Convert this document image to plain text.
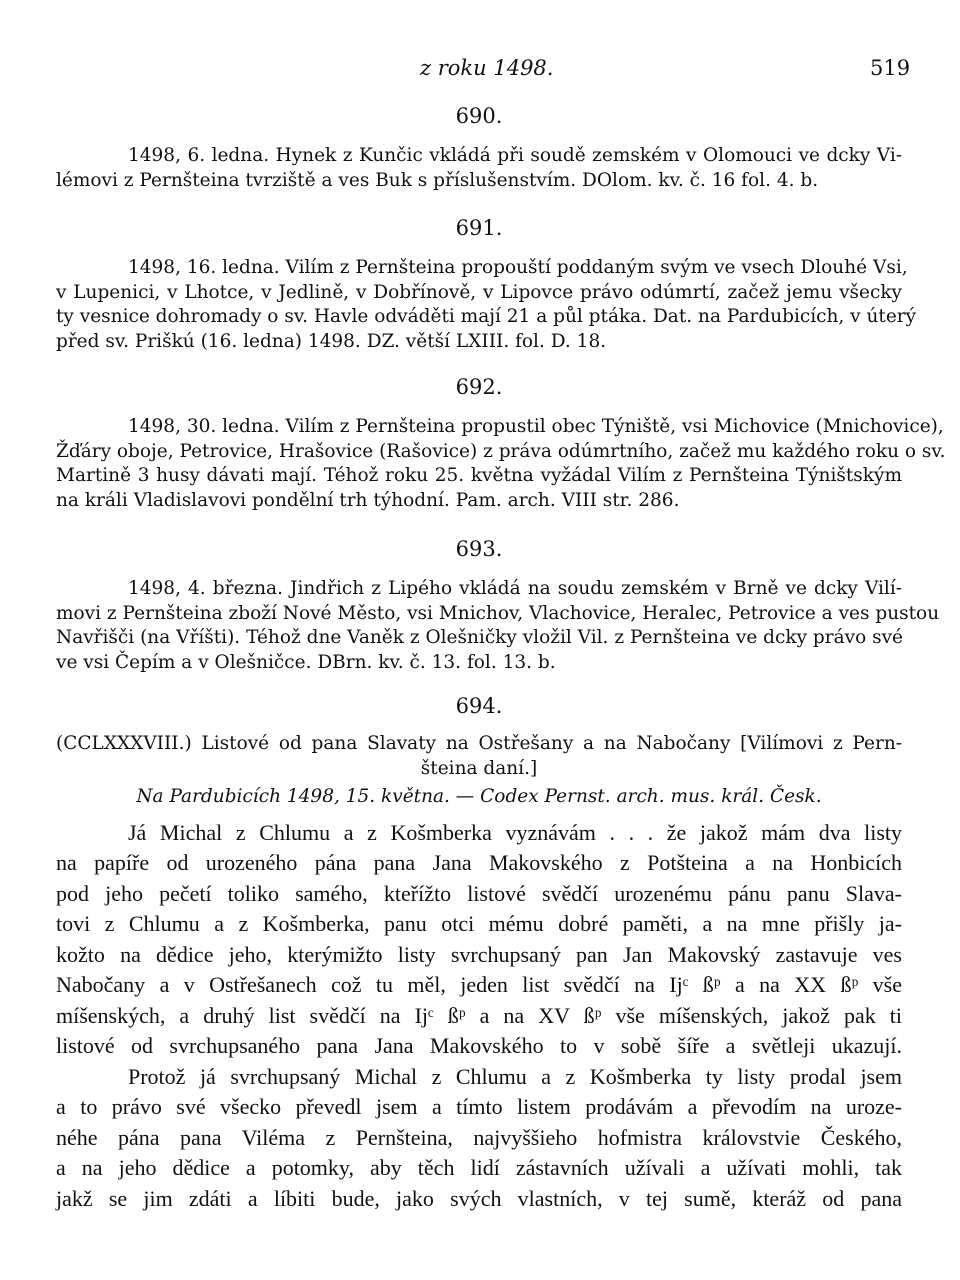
z roku 1498.	519
690.
1498, 6. ledna. Hynek z Kunčic vkládá při soudě zemském v Olomouci ve dcky Vi-
lémovi z Pernšteina tvrziště a ves Buk s příslušenstvím. DOlom. kv. č. 16 fol. 4. b.
691.
1498, 16. ledna. Vilím z Pernšteina propouští poddaným svým ve vsech Dlouhé Vsi,
v Lupenici, v Lhotce, v Jedlině, v Dobřínově, v Lipovce právo odúmrtí, začež jemu všecky
ty vesnice dohromady o sv. Havle odváděti mají 21 a půl ptáka. Dat. na Pardubicích, v úterý
před sv. Priškú (16. ledna) 1498. DZ. větší LXIII. fol. D. 18.
692.
1498, 30. ledna. Vilím z Pernšteina propustil obec Týniště, vsi Michovice (Mnichovice),
Žďáry oboje, Petrovice, Hrašovice (Rašovice) z práva odúmrtního, začež mu každého roku o sv.
Martině 3 husy dávati mají. Téhož roku 25. května vyžádal Vilím z Pernšteina Týništským
na králi Vladislavovi pondělní trh týhodní. Pam. arch. VIII str. 286.
693.
1498, 4. března. Jindřich z Lipého vkládá na soudu zemském v Brně ve dcky Vilí-
movi z Pernšteina zboží Nové Město, vsi Mnichov, Vlachovice, Heralec, Petrovice a ves pustou
Navřišči (na Vříšti). Téhož dne Vaněk z Olešničky vložil Vil. z Pernšteina ve dcky právo své
ve vsi Čepím a v Olešničce. DBrn. kv. č. 13. fol. 13. b.
694.
(CCLXXXVIII.) Listové od pana Slavaty na Ostřešany a na Nabočany [Vilímovi z Pern-
šteina daní.]
Na Pardubicích 1498, 15. května. — Codex Pernst. arch. mus. král. Česk.
Já Michal z Chlumu a z Košmberka vyznávám . . . že jakož mám dva listy
na papíře od urozeného pána pana Jana Makovského z Potšteina a na Honbicích
pod jeho pečetí toliko samého, kteřížto listové svědčí urozenému pánu panu Slava-
tovi z Chlumu a z Košmberka, panu otci mému dobré paměti, a na mne přišly ja-
kožto na dědice jeho, kterýmižto listy svrchupsaný pan Jan Makovský zastavuje ves
Nabočany a v Ostřešanech což tu měl, jeden list svědčí na Ij͏ᶜ ßᵖ a na XX ßᵖ vše
míšenských, a druhý list svědčí na Ij͏ᶜ ßᵖ a na XV ßᵖ vše míšenských, jakož pak ti
listové od svrchupsaného pana Jana Makovského to v sobě šíře a světleji ukazují.
Protož já svrchupsaný Michal z Chlumu a z Košmberka ty listy prodal jsem
a to právo své všecko převedl jsem a tímto listem prodávám a převodím na uroze-
néhe pána pana Viléma z Pernšteina, najvyššieho hofmistra královstvie Českého,
a na jeho dědice a potomky, aby těch lidí zástavních užívali a užívati mohli, tak
jakž se jim zdáti a líbiti bude, jako svých vlastních, v tej sumě, kteráž od pana
